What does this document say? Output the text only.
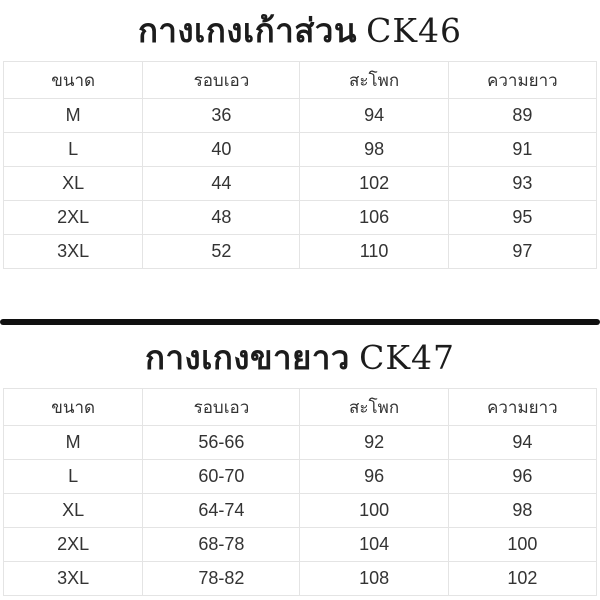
กางเกงเก้าส่วน CK46
ขนาด	รอบเอว	สะโพก	ความยาว
M	36	94	89
L	40	98	91
XL	44	102	93
2XL	48	106	95
3XL	52	110	97
กางเกงขายาว CK47
ขนาด	รอบเอว	สะโพก	ความยาว
M	56-66	92	94
L	60-70	96	96
XL	64-74	100	98
2XL	68-78	104	100
3XL	78-82	108	102
